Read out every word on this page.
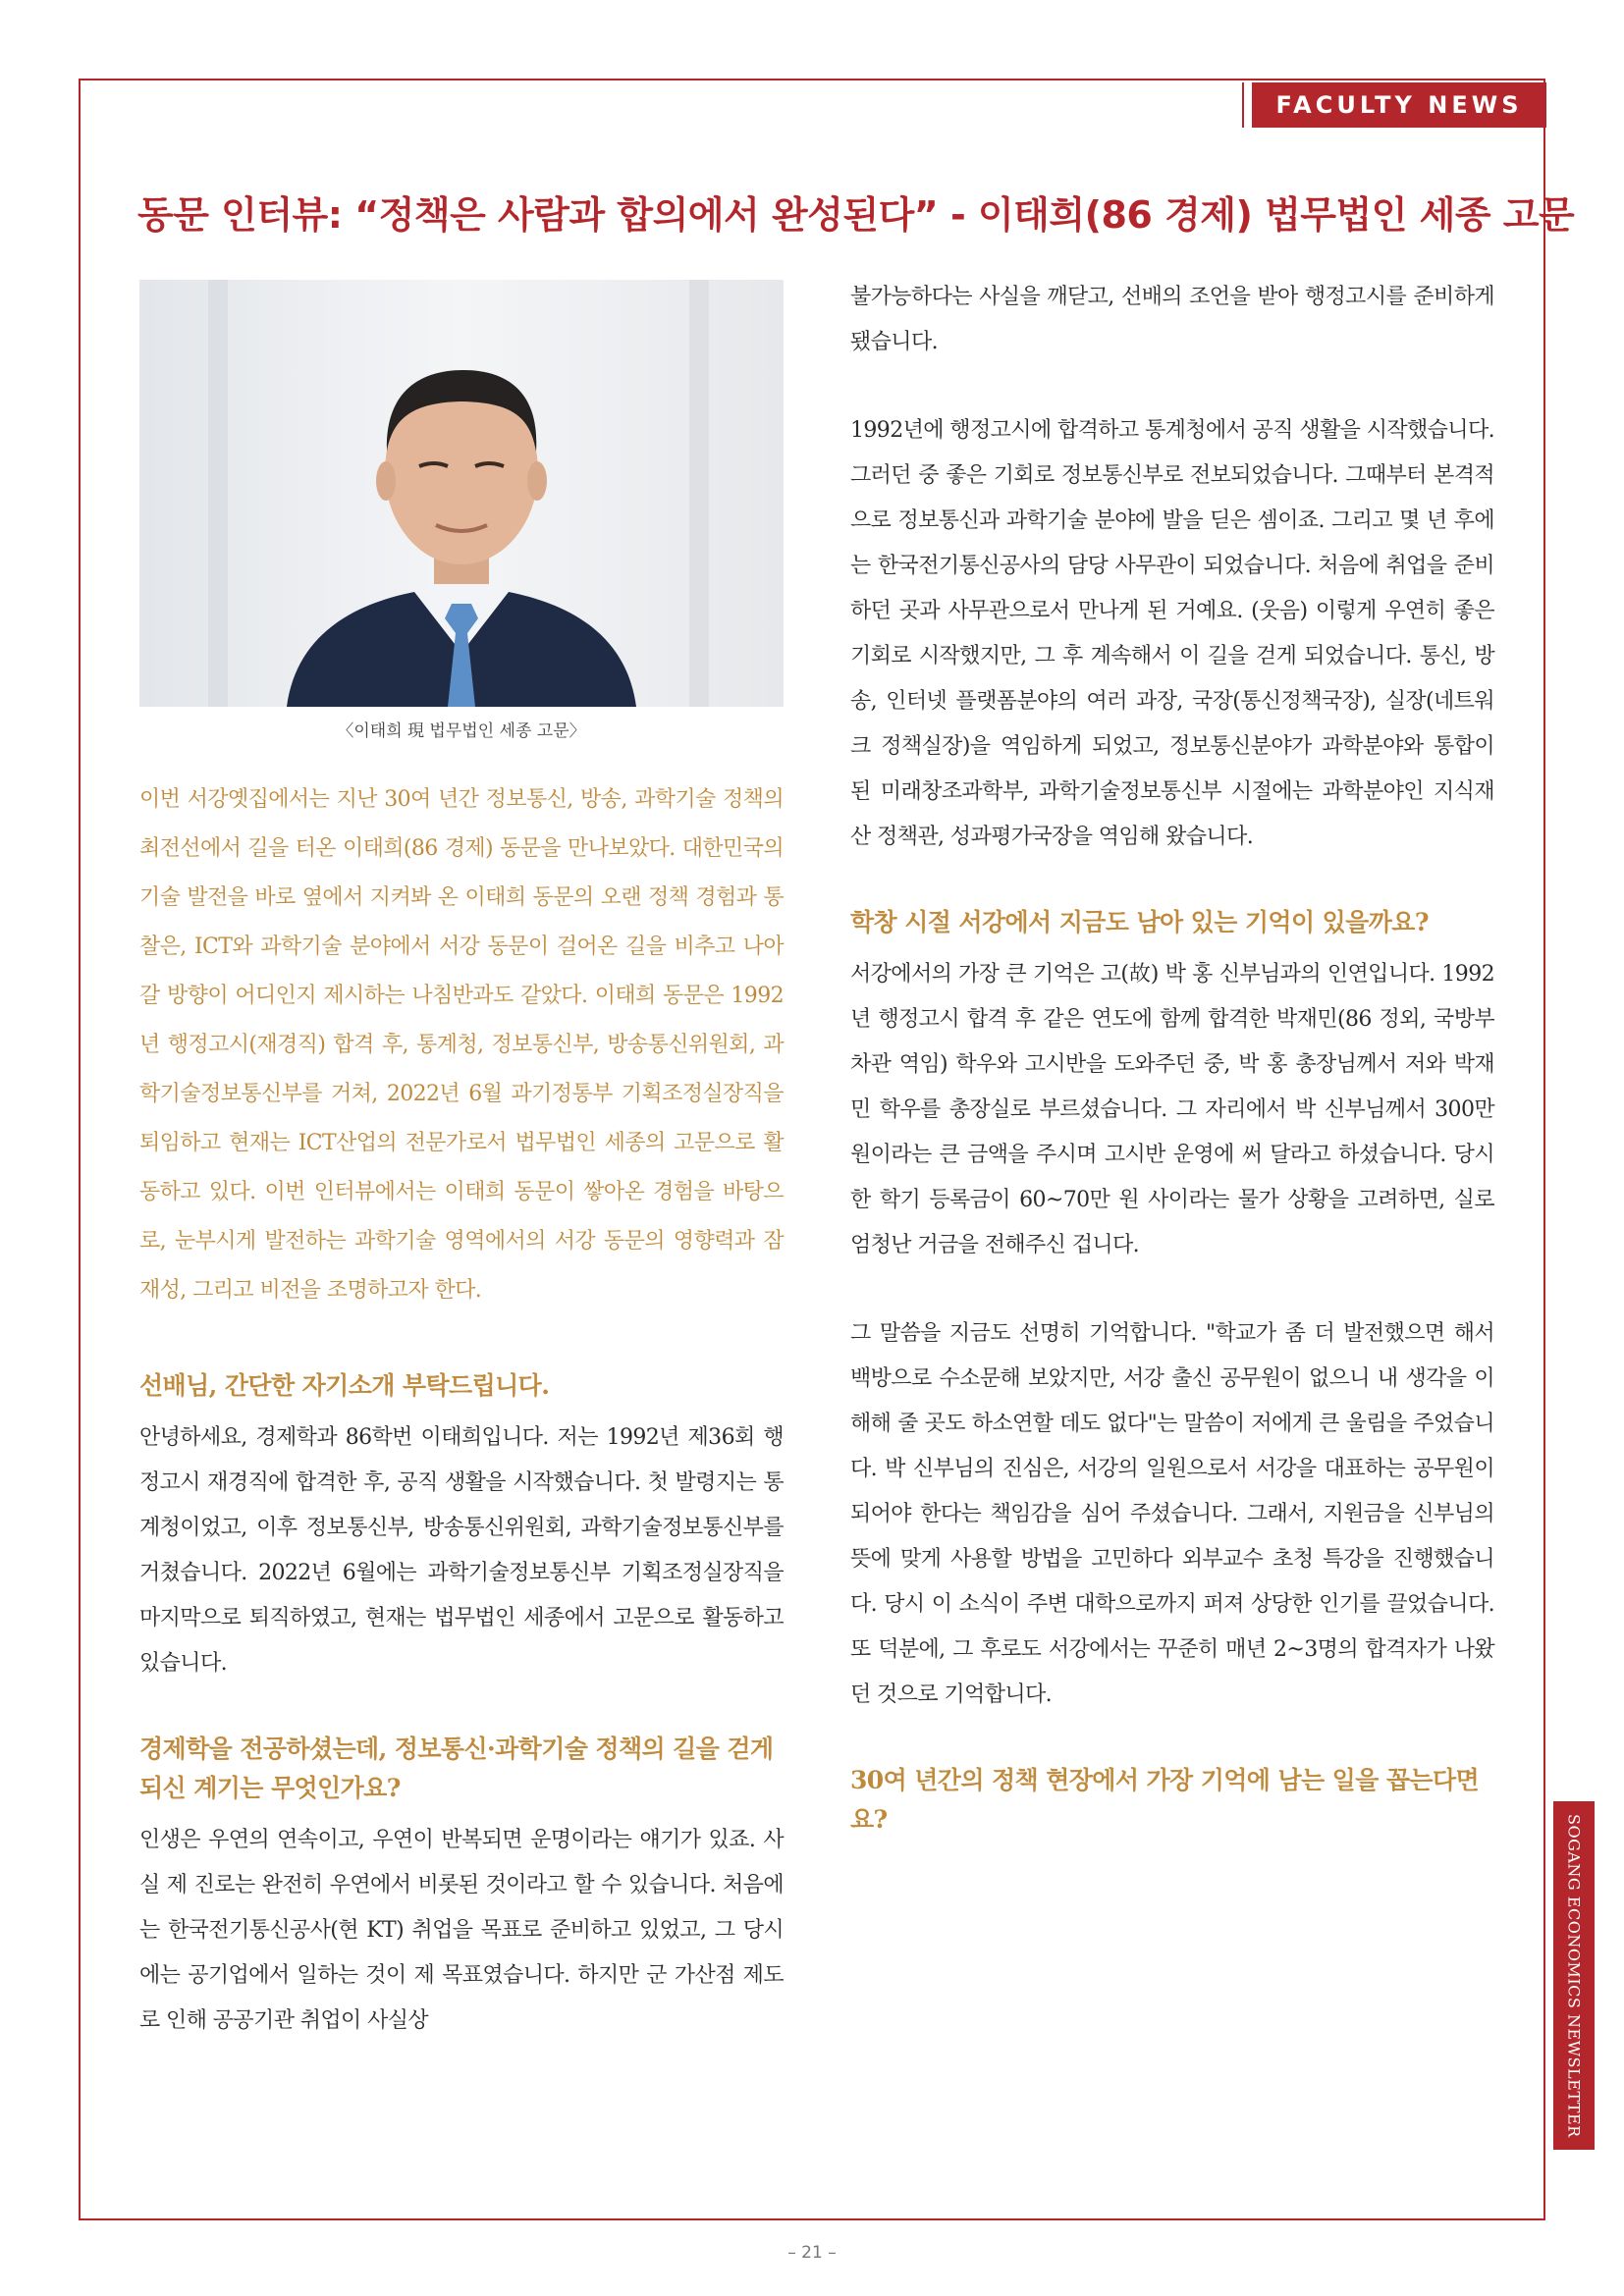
FACULTY NEWS
동문 인터뷰: “정책은 사람과 합의에서 완성된다” - 이태희(86 경제) 법무법인 세종 고문
〈이태희 現 법무법인 세종 고문〉

이번 서강옛집에서는 지난 30여 년간 정보통신, 방송, 과학기술 정책의 최전선에서 길을 터온 이태희(86 경제) 동문을 만나보았다. 대한민국의 기술 발전을 바로 옆에서 지켜봐 온 이태희 동문의 오랜 정책 경험과 통찰은, ICT와 과학기술 분야에서 서강 동문이 걸어온 길을 비추고 나아갈 방향이 어디인지 제시하는 나침반과도 같았다. 이태희 동문은 1992년 행정고시(재경직) 합격 후, 통계청, 정보통신부, 방송통신위원회, 과학기술정보통신부를 거쳐, 2022년 6월 과기정통부 기획조정실장직을 퇴임하고 현재는 ICT산업의 전문가로서 법무법인 세종의 고문으로 활동하고 있다. 이번 인터뷰에서는 이태희 동문이 쌓아온 경험을 바탕으로, 눈부시게 발전하는 과학기술 영역에서의 서강 동문의 영향력과 잠재성, 그리고 비전을 조명하고자 한다.

선배님, 간단한 자기소개 부탁드립니다.

안녕하세요, 경제학과 86학번 이태희입니다. 저는 1992년 제36회 행정고시 재경직에 합격한 후, 공직 생활을 시작했습니다. 첫 발령지는 통계청이었고, 이후 정보통신부, 방송통신위원회, 과학기술정보통신부를 거쳤습니다. 2022년 6월에는 과학기술정보통신부 기획조정실장직을 마지막으로 퇴직하였고, 현재는 법무법인 세종에서 고문으로 활동하고 있습니다.

경제학을 전공하셨는데, 정보통신·과학기술 정책의 길을 걷게 되신 계기는 무엇인가요?

인생은 우연의 연속이고, 우연이 반복되면 운명이라는 얘기가 있죠. 사실 제 진로는 완전히 우연에서 비롯된 것이라고 할 수 있습니다. 처음에는 한국전기통신공사(현 KT) 취업을 목표로 준비하고 있었고, 그 당시에는 공기업에서 일하는 것이 제 목표였습니다. 하지만 군 가산점 제도로 인해 공공기관 취업이 사실상

불가능하다는 사실을 깨닫고, 선배의 조언을 받아 행정고시를 준비하게 됐습니다.

1992년에 행정고시에 합격하고 통계청에서 공직 생활을 시작했습니다. 그러던 중 좋은 기회로 정보통신부로 전보되었습니다. 그때부터 본격적으로 정보통신과 과학기술 분야에 발을 딛은 셈이죠. 그리고 몇 년 후에는 한국전기통신공사의 담당 사무관이 되었습니다. 처음에 취업을 준비하던 곳과 사무관으로서 만나게 된 거예요. (웃음) 이렇게 우연히 좋은 기회로 시작했지만, 그 후 계속해서 이 길을 걷게 되었습니다. 통신, 방송, 인터넷 플랫폼분야의 여러 과장, 국장(통신정책국장), 실장(네트워크 정책실장)을 역임하게 되었고, 정보통신분야가 과학분야와 통합이 된 미래창조과학부, 과학기술정보통신부 시절에는 과학분야인 지식재산 정책관, 성과평가국장을 역임해 왔습니다.

학창 시절 서강에서 지금도 남아 있는 기억이 있을까요?

서강에서의 가장 큰 기억은 고(故) 박 홍 신부님과의 인연입니다. 1992년 행정고시 합격 후 같은 연도에 함께 합격한 박재민(86 정외, 국방부 차관 역임) 학우와 고시반을 도와주던 중, 박 홍 총장님께서 저와 박재민 학우를 총장실로 부르셨습니다. 그 자리에서 박 신부님께서 300만 원이라는 큰 금액을 주시며 고시반 운영에 써 달라고 하셨습니다. 당시 한 학기 등록금이 60~70만 원 사이라는 물가 상황을 고려하면, 실로 엄청난 거금을 전해주신 겁니다.

그 말씀을 지금도 선명히 기억합니다. "학교가 좀 더 발전했으면 해서 백방으로 수소문해 보았지만, 서강 출신 공무원이 없으니 내 생각을 이해해 줄 곳도 하소연할 데도 없다"는 말씀이 저에게 큰 울림을 주었습니다. 박 신부님의 진심은, 서강의 일원으로서 서강을 대표하는 공무원이 되어야 한다는 책임감을 심어 주셨습니다. 그래서, 지원금을 신부님의 뜻에 맞게 사용할 방법을 고민하다 외부교수 초청 특강을 진행했습니다. 당시 이 소식이 주변 대학으로까지 퍼져 상당한 인기를 끌었습니다. 또 덕분에, 그 후로도 서강에서는 꾸준히 매년 2~3명의 합격자가 나왔던 것으로 기억합니다.

30여 년간의 정책 현장에서 가장 기억에 남는 일을 꼽는다면요?	SOGANG ECONOMICS NEWSLETTER
– 21 –
